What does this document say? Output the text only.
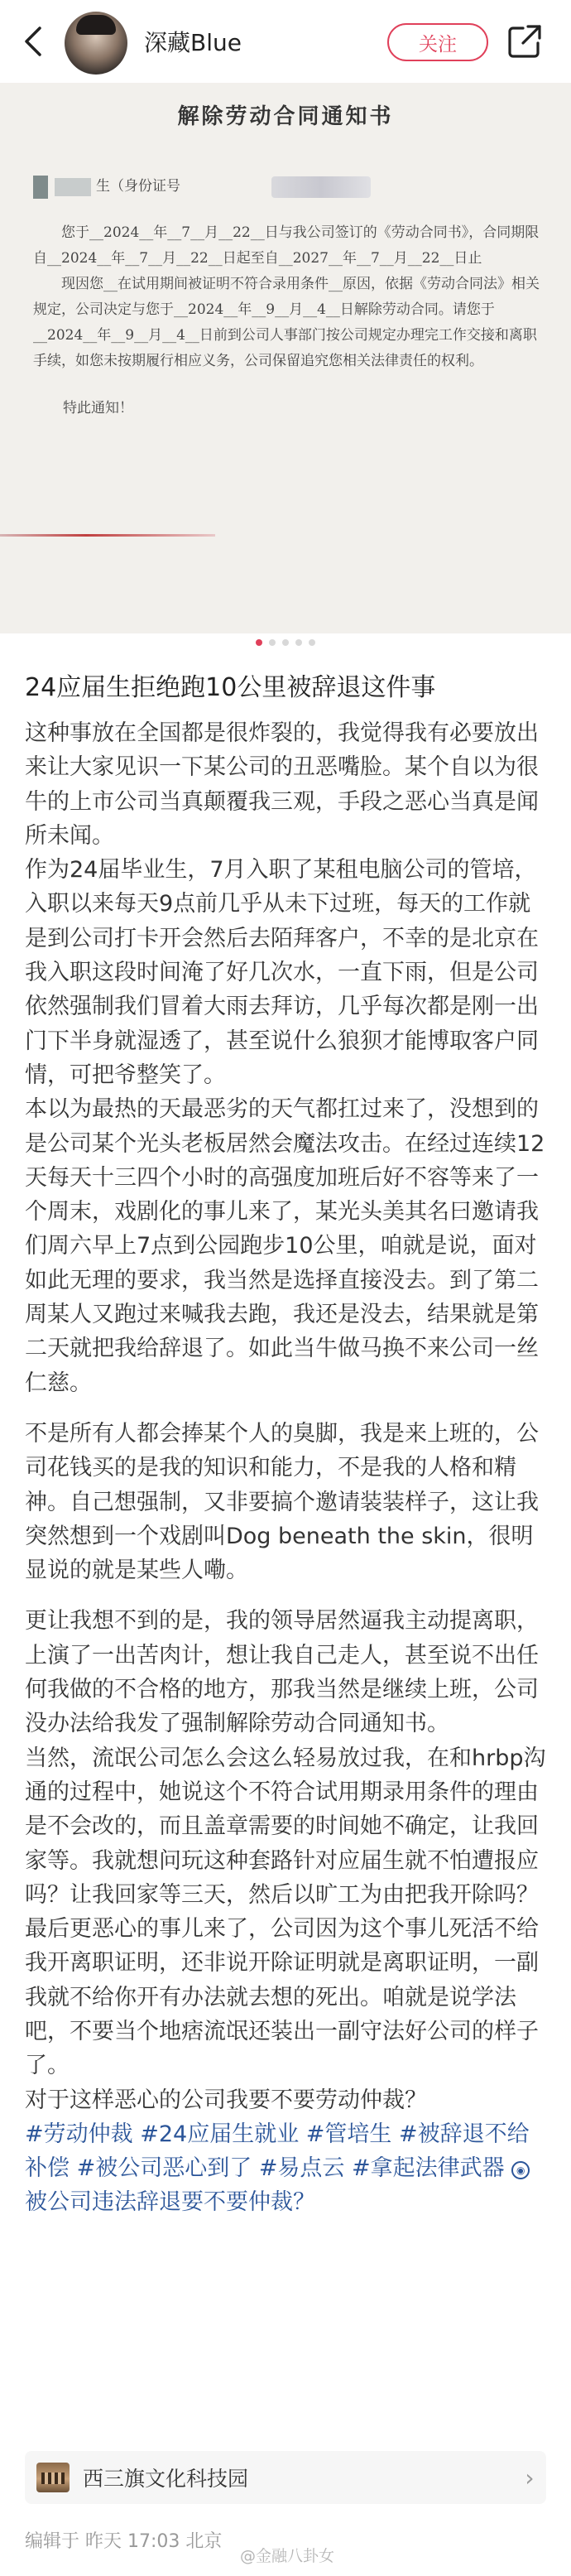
深藏Blue	关注
解除劳动合同通知书
生（身份证号
您于__2024__年__7__月__22__日与我公司签订的《劳动合同书》，合同期限自__2024__年__7__月__22__日起至自__2027__年__7__月__22__日止
现因您__在试用期间被证明不符合录用条件__原因，依据《劳动合同法》相关规定，公司决定与您于__2024__年__9__月__4__日解除劳动合同。请您于__2024__年__9__月__4__日前到公司人事部门按公司规定办理完工作交接和离职手续，如您未按期履行相应义务，公司保留追究您相关法律责任的权利。
特此通知！
24应届生拒绝跑10公里被辞退这件事

这种事放在全国都是很炸裂的，我觉得我有必要放出来让大家见识一下某公司的丑恶嘴脸。某个自以为很牛的上市公司当真颠覆我三观，手段之恶心当真是闻所未闻。

作为24届毕业生，7月入职了某租电脑公司的管培，入职以来每天9点前几乎从未下过班，每天的工作就是到公司打卡开会然后去陌拜客户，不幸的是北京在我入职这段时间淹了好几次水，一直下雨，但是公司依然强制我们冒着大雨去拜访，几乎每次都是刚一出门下半身就湿透了，甚至说什么狼狈才能博取客户同情，可把爷整笑了。

本以为最热的天最恶劣的天气都扛过来了，没想到的是公司某个光头老板居然会魔法攻击。在经过连续12天每天十三四个小时的高强度加班后好不容等来了一个周末，戏剧化的事儿来了，某光头美其名曰邀请我们周六早上7点到公园跑步10公里，咱就是说，面对如此无理的要求，我当然是选择直接没去。到了第二周某人又跑过来喊我去跑，我还是没去，结果就是第二天就把我给辞退了。如此当牛做马换不来公司一丝仁慈。

不是所有人都会捧某个人的臭脚，我是来上班的，公司花钱买的是我的知识和能力，不是我的人格和精神。自己想强制，又非要搞个邀请装装样子，这让我突然想到一个戏剧叫Dog beneath the skin，很明显说的就是某些人嘞。

更让我想不到的是，我的领导居然逼我主动提离职，上演了一出苦肉计，想让我自己走人，甚至说不出任何我做的不合格的地方，那我当然是继续上班，公司没办法给我发了强制解除劳动合同通知书。

当然，流氓公司怎么会这么轻易放过我，在和hrbp沟通的过程中，她说这个不符合试用期录用条件的理由是不会改的，而且盖章需要的时间她不确定，让我回家等。我就想问玩这种套路针对应届生就不怕遭报应吗？让我回家等三天，然后以旷工为由把我开除吗？最后更恶心的事儿来了，公司因为这个事儿死活不给我开离职证明，还非说开除证明就是离职证明，一副我就不给你开有办法就去想的死出。咱就是说学法吧，不要当个地痞流氓还装出一副守法好公司的样子了。

对于这样恶心的公司我要不要劳动仲裁？

#劳动仲裁 #24应届生就业 #管培生 #被辞退不给补偿 #被公司恶心到了 #易点云 #拿起法律武器 ◉被公司违法辞退要不要仲裁？

西三旗文化科技园	›
编辑于 昨天 17:03 北京
@金融八卦女
